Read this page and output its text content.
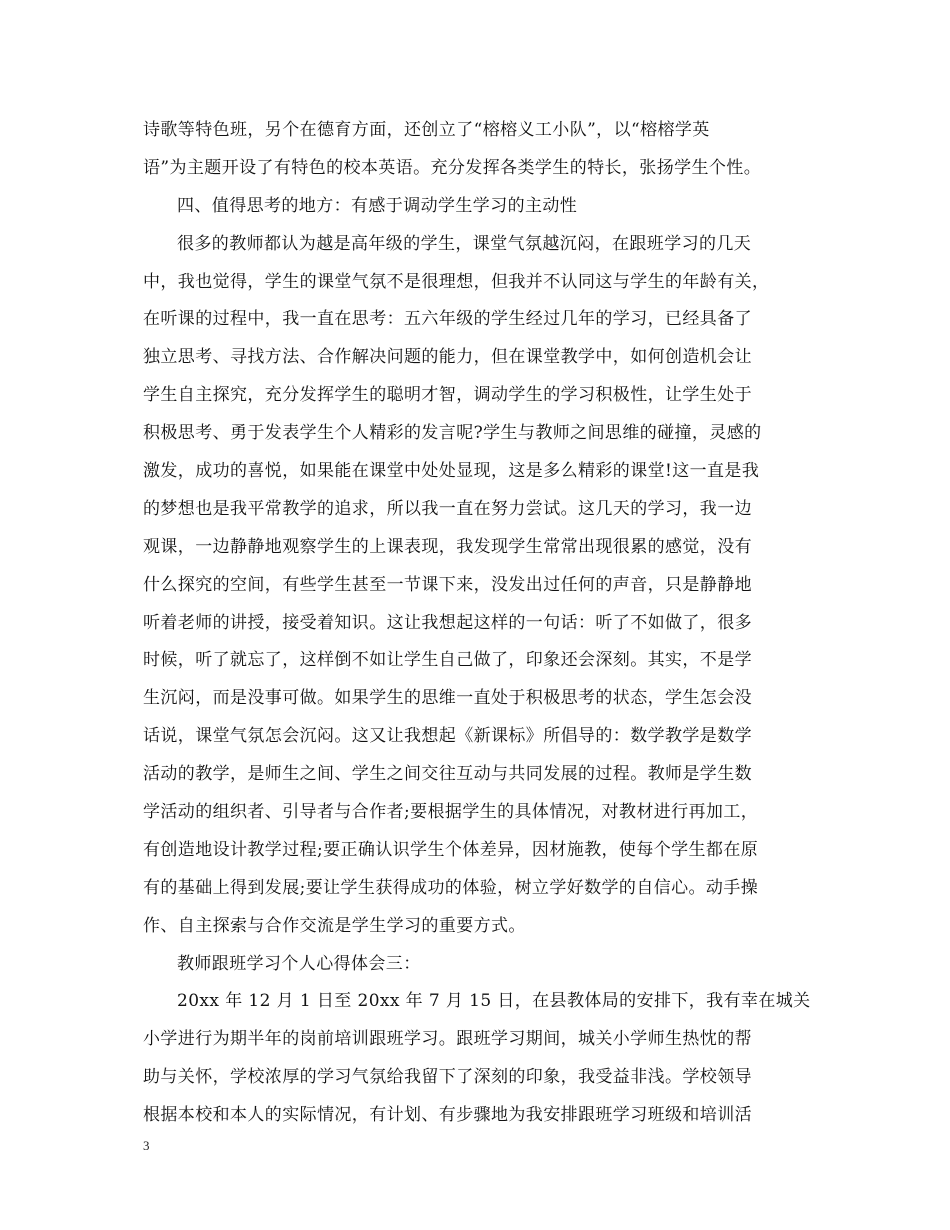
诗歌等特色班，另个在德育方面，还创立了“榕榕义工小队”，以“榕榕学英
语”为主题开设了有特色的校本英语。充分发挥各类学生的特长，张扬学生个性。
四、值得思考的地方：有感于调动学生学习的主动性
很多的教师都认为越是高年级的学生，课堂气氛越沉闷，在跟班学习的几天
中，我也觉得，学生的课堂气氛不是很理想，但我并不认同这与学生的年龄有关，
在听课的过程中，我一直在思考：五六年级的学生经过几年的学习，已经具备了
独立思考、寻找方法、合作解决问题的能力，但在课堂教学中，如何创造机会让
学生自主探究，充分发挥学生的聪明才智，调动学生的学习积极性，让学生处于
积极思考、勇于发表学生个人精彩的发言呢?学生与教师之间思维的碰撞，灵感的
激发，成功的喜悦，如果能在课堂中处处显现，这是多么精彩的课堂!这一直是我
的梦想也是我平常教学的追求，所以我一直在努力尝试。这几天的学习，我一边
观课，一边静静地观察学生的上课表现，我发现学生常常出现很累的感觉，没有
什么探究的空间，有些学生甚至一节课下来，没发出过任何的声音，只是静静地
听着老师的讲授，接受着知识。这让我想起这样的一句话：听了不如做了，很多
时候，听了就忘了，这样倒不如让学生自己做了，印象还会深刻。其实，不是学
生沉闷，而是没事可做。如果学生的思维一直处于积极思考的状态，学生怎会没
话说，课堂气氛怎会沉闷。这又让我想起《新课标》所倡导的：数学教学是数学
活动的教学，是师生之间、学生之间交往互动与共同发展的过程。教师是学生数
学活动的组织者、引导者与合作者;要根据学生的具体情况，对教材进行再加工，
有创造地设计教学过程;要正确认识学生个体差异，因材施教，使每个学生都在原
有的基础上得到发展;要让学生获得成功的体验，树立学好数学的自信心。动手操
作、自主探索与合作交流是学生学习的重要方式。
教师跟班学习个人心得体会三：
20xx 年 12 月 1 日至 20xx 年 7 月 15 日，在县教体局的安排下，我有幸在城关
小学进行为期半年的岗前培训跟班学习。跟班学习期间，城关小学师生热忱的帮
助与关怀，学校浓厚的学习气氛给我留下了深刻的印象，我受益非浅。学校领导
根据本校和本人的实际情况，有计划、有步骤地为我安排跟班学习班级和培训活
3
